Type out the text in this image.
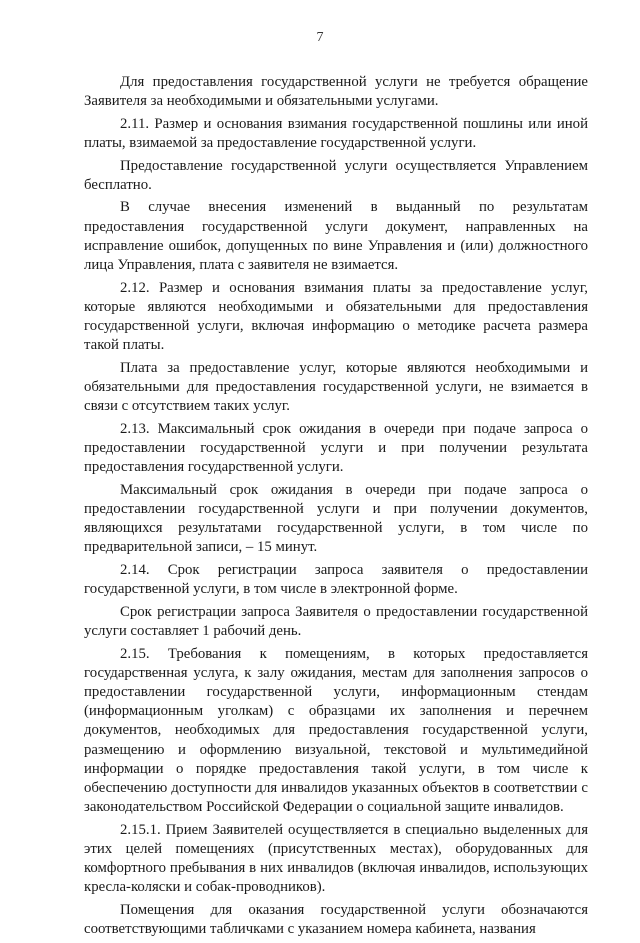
7

Для предоставления государственной услуги не требуется обращение Заявителя за необходимыми и обязательными услугами.

2.11. Размер и основания взимания государственной пошлины или иной платы, взимаемой за предоставление государственной услуги.

Предоставление государственной услуги осуществляется Управлением бесплатно.

В случае внесения изменений в выданный по результатам предоставления государственной услуги документ, направленных на исправление ошибок, допущенных по вине Управления и (или) должностного лица Управления, плата с заявителя не взимается.

2.12. Размер и основания взимания платы за предоставление услуг, которые являются необходимыми и обязательными для предоставления государственной услуги, включая информацию о методике расчета размера такой платы.

Плата за предоставление услуг, которые являются необходимыми и обязательными для предоставления государственной услуги, не взимается в связи с отсутствием таких услуг.

2.13. Максимальный срок ожидания в очереди при подаче запроса о предоставлении государственной услуги и при получении результата предоставления государственной услуги.

Максимальный срок ожидания в очереди при подаче запроса о предоставлении государственной услуги и при получении документов, являющихся результатами государственной услуги, в том числе по предварительной записи, – 15 минут.

2.14. Срок регистрации запроса заявителя о предоставлении государственной услуги, в том числе в электронной форме.

Срок регистрации запроса Заявителя о предоставлении государственной услуги составляет 1 рабочий день.

2.15. Требования к помещениям, в которых предоставляется государственная услуга, к залу ожидания, местам для заполнения запросов о предоставлении государственной услуги, информационным стендам (информационным уголкам) с образцами их заполнения и перечнем документов, необходимых для предоставления государственной услуги, размещению и оформлению визуальной, текстовой и мультимедийной информации о порядке предоставления такой услуги, в том числе к обеспечению доступности для инвалидов указанных объектов в соответствии с законодательством Российской Федерации о социальной защите инвалидов.

2.15.1. Прием Заявителей осуществляется в специально выделенных для этих целей помещениях (присутственных местах), оборудованных для комфортного пребывания в них инвалидов (включая инвалидов, использующих кресла-коляски и собак-проводников).

Помещения для оказания государственной услуги обозначаются соответствующими табличками с указанием номера кабинета, названия
